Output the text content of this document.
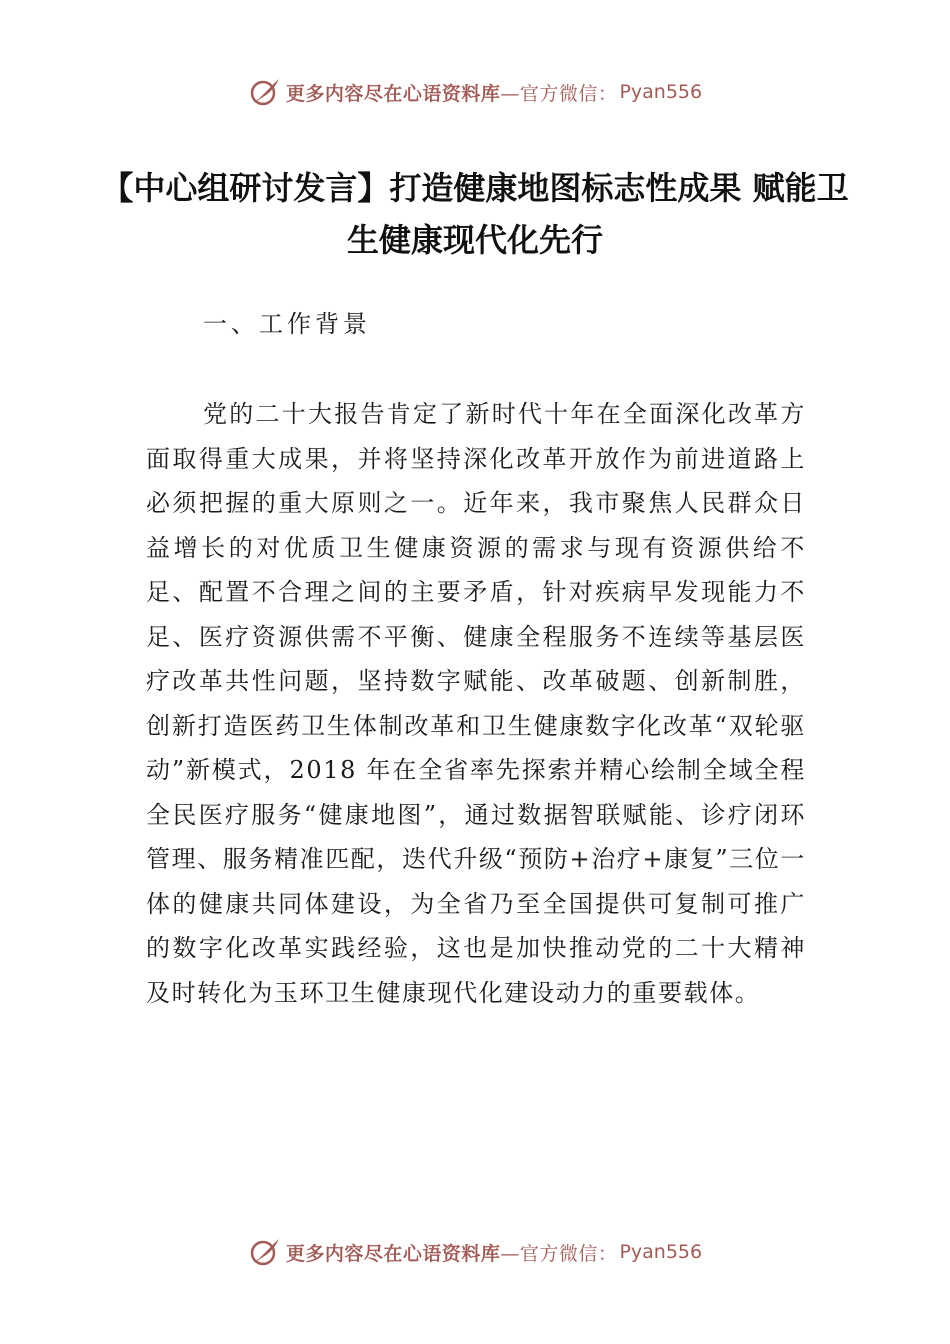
更多内容尽在心语资料库 —官方微信： Pyan556
【中心组研讨发言】打造健康地图标志性成果 赋能卫生健康现代化先行
一、工作背景

党的二十大报告肯定了新时代十年在全面深化改革方面取得重大成果，并将坚持深化改革开放作为前进道路上必须把握的重大原则之一。近年来，我市聚焦人民群众日益增长的对优质卫生健康资源的需求与现有资源供给不足、配置不合理之间的主要矛盾，针对疾病早发现能力不足、医疗资源供需不平衡、健康全程服务不连续等基层医疗改革共性问题，坚持数字赋能、改革破题、创新制胜，创新打造医药卫生体制改革和卫生健康数字化改革“双轮驱动”新模式，2018 年在全省率先探索并精心绘制全域全程全民医疗服务“健康地图”，通过数据智联赋能、诊疗闭环管理、服务精准匹配，迭代升级“预防+治疗+康复”三位一体的健康共同体建设，为全省乃至全国提供可复制可推广的数字化改革实践经验，这也是加快推动党的二十大精神及时转化为玉环卫生健康现代化建设动力的重要载体。

更多内容尽在心语资料库 —官方微信： Pyan556
